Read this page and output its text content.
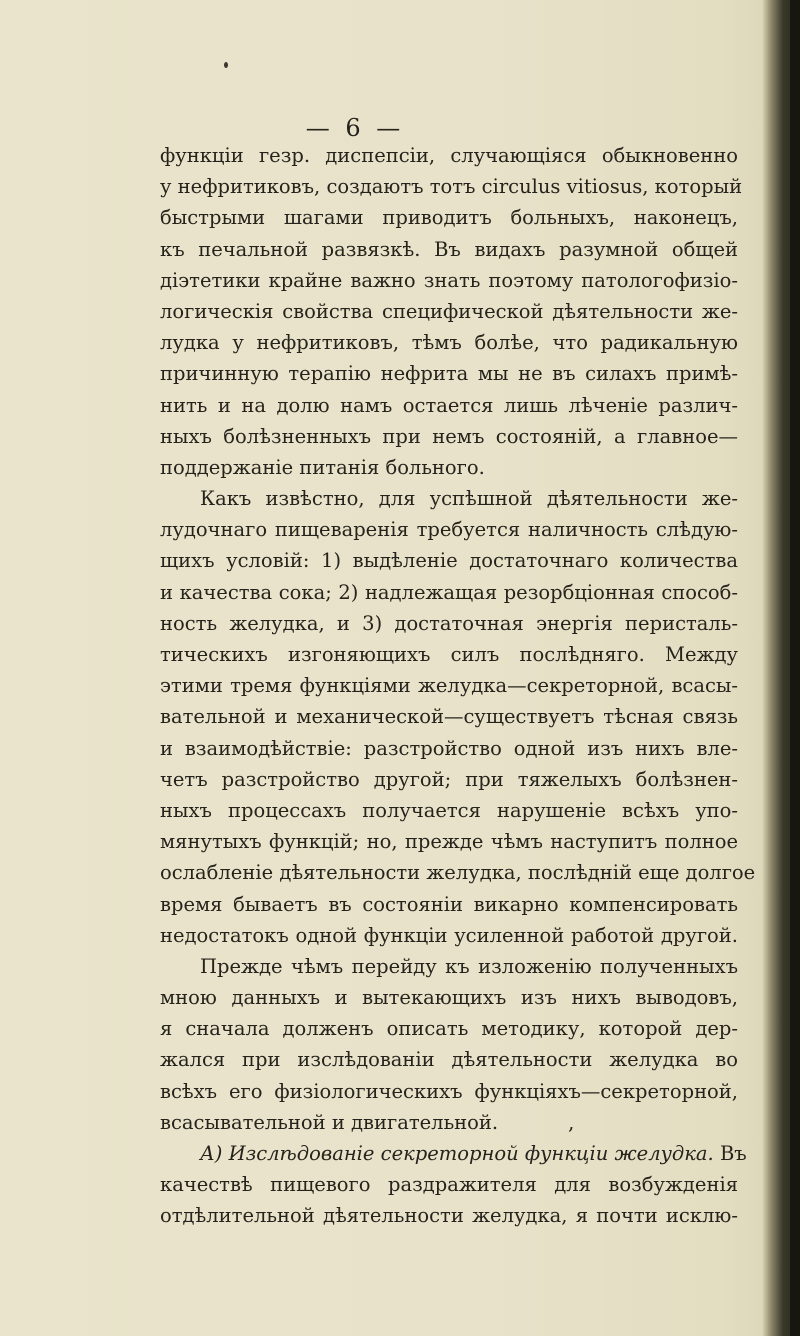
— 6 —
функціи гезр. диспепсіи, случающіяся обыкновенно
у нефритиковъ, создаютъ тотъ circulus vitiosus, который
быстрыми шагами приводитъ больныхъ, наконецъ,
къ печальной развязкѣ. Въ видахъ разумной общей
діэтетики крайне важно знать поэтому патологофизіо-
логическія свойства специфической дѣятельности же-
лудка у нефритиковъ, тѣмъ болѣе, что радикальную
причинную терапію нефрита мы не въ силахъ примѣ-
нить и на долю намъ остается лишь лѣченіе различ-
ныхъ болѣзненныхъ при немъ состояній, а главное—
поддержаніе питанія больного.
Какъ извѣстно, для успѣшной дѣятельности же-
лудочнаго пищеваренія требуется наличность слѣдую-
щихъ условій: 1) выдѣленіе достаточнаго количества
и качества сока; 2) надлежащая резорбціонная способ-
ность желудка, и 3) достаточная энергія перисталь-
тическихъ изгоняющихъ силъ послѣдняго. Между
этими тремя функціями желудка—секреторной, всасы-
вательной и механической—существуетъ тѣсная связь
и взаимодѣйствіе: разстройство одной изъ нихъ вле-
четъ разстройство другой; при тяжелыхъ болѣзнен-
ныхъ процессахъ получается нарушеніе всѣхъ упо-
мянутыхъ функцій; но, прежде чѣмъ наступитъ полное
ослабленіе дѣятельности желудка, послѣдній еще долгое
время бываетъ въ состояніи викарно компенсировать
недостатокъ одной функціи усиленной работой другой.
Прежде чѣмъ перейду къ изложенію полученныхъ
мною данныхъ и вытекающихъ изъ нихъ выводовъ,
я сначала долженъ описать методику, которой дер-
жался при изслѣдованіи дѣятельности желудка во
всѣхъ его физіологическихъ функціяхъ—секреторной,
всасывательной и двигательной.	,
А) Изслѣдованіе секреторной функціи желудка. Въ
качествѣ пищевого раздражителя для возбужденія
отдѣлительной дѣятельности желудка, я почти исклю-
